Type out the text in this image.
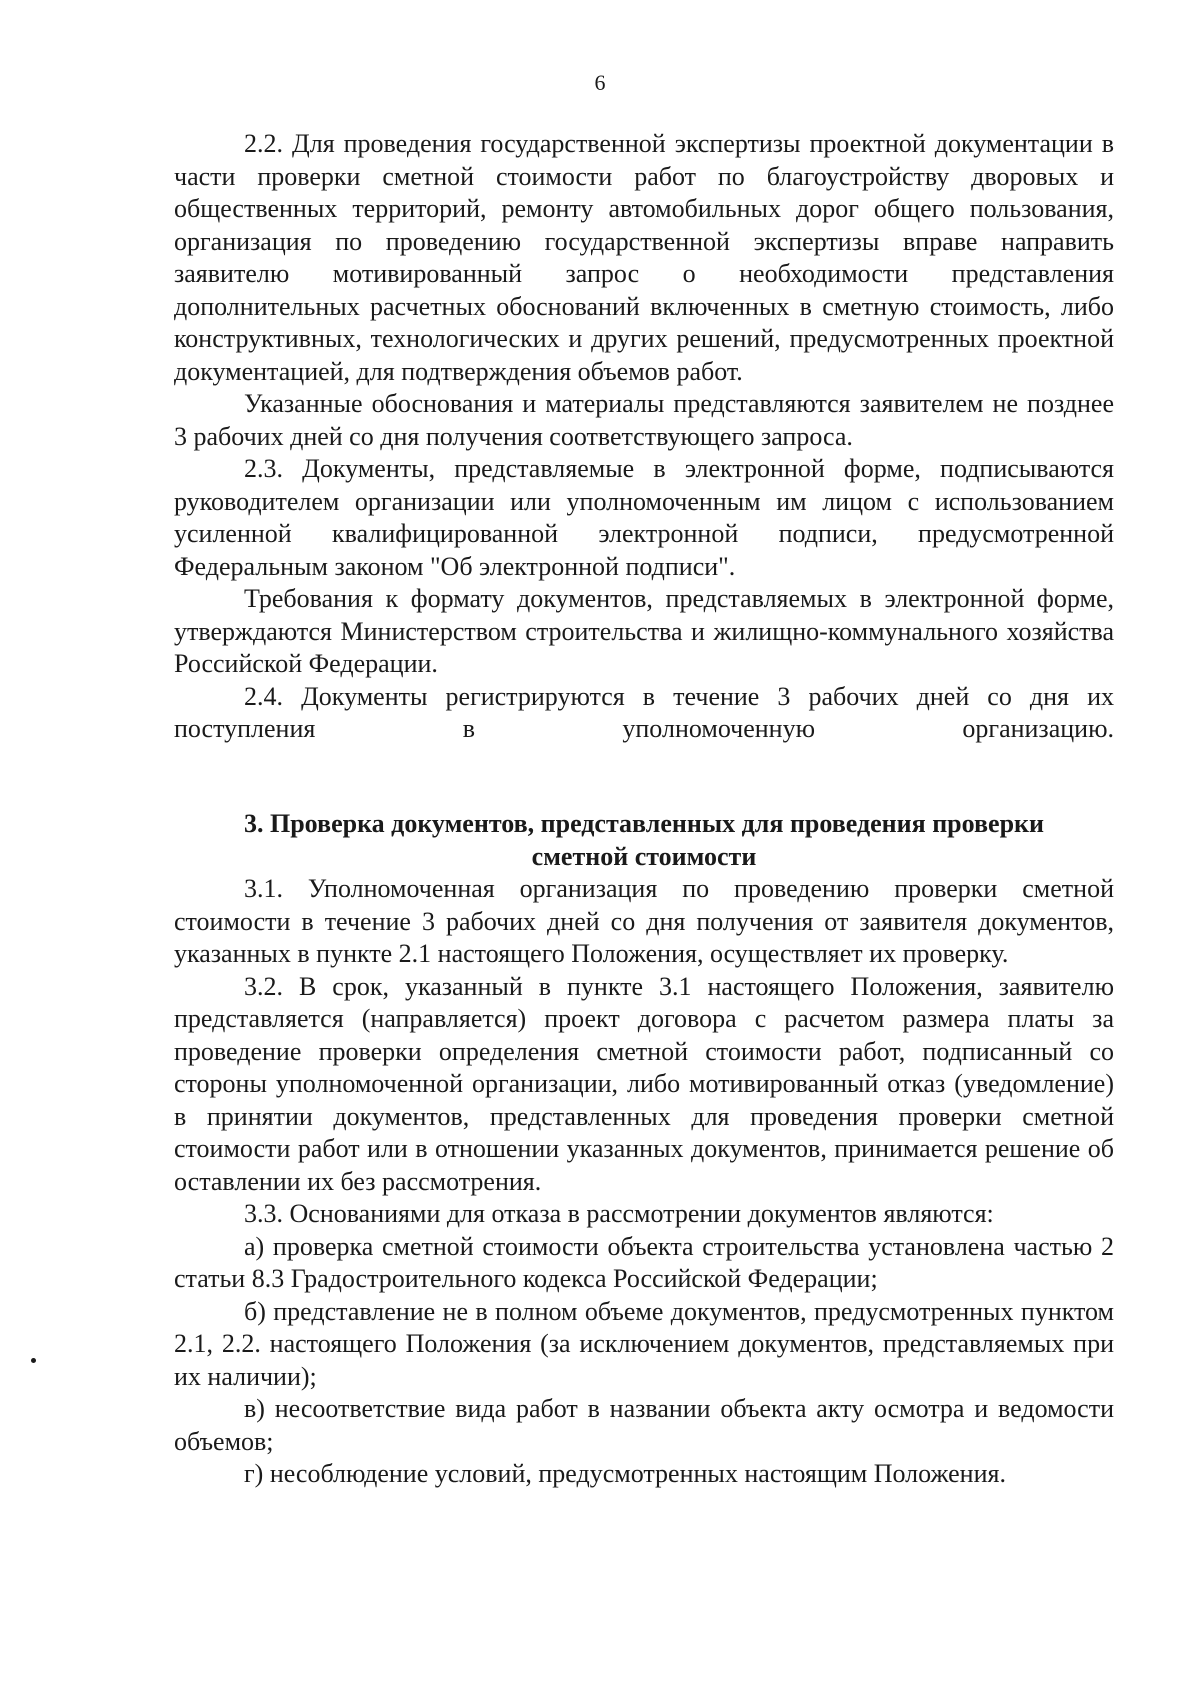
6

2.2. Для проведения государственной экспертизы проектной документации в части проверки сметной стоимости работ по благоустройству дворовых и общественных территорий, ремонту автомобильных дорог общего пользования, организация по проведению государственной экспертизы вправе направить заявителю мотивированный запрос о необходимости представления дополнительных расчетных обоснований включенных в сметную стоимость, либо конструктивных, технологических и других решений, предусмотренных проектной документацией, для подтверждения объемов работ.

Указанные обоснования и материалы представляются заявителем не позднее 3 рабочих дней со дня получения соответствующего запроса.

2.3. Документы, представляемые в электронной форме, подписываются руководителем организации или уполномоченным им лицом с использованием усиленной квалифицированной электронной подписи, предусмотренной Федеральным законом "Об электронной подписи".

Требования к формату документов, представляемых в электронной форме, утверждаются Министерством строительства и жилищно-коммунального хозяйства Российской Федерации.

2.4. Документы регистрируются в течение 3 рабочих дней со дня их поступления в уполномоченную организацию.

3. Проверка документов, представленных для проведения проверки

сметной стоимости

3.1. Уполномоченная организация по проведению проверки сметной стоимости в течение 3 рабочих дней со дня получения от заявителя документов, указанных в пункте 2.1 настоящего Положения, осуществляет их проверку.

3.2. В срок, указанный в пункте 3.1 настоящего Положения, заявителю представляется (направляется) проект договора с расчетом размера платы за проведение проверки определения сметной стоимости работ, подписанный со стороны уполномоченной организации, либо мотивированный отказ (уведомление) в принятии документов, представленных для проведения проверки сметной стоимости работ или в отношении указанных документов, принимается решение об оставлении их без рассмотрения.

3.3. Основаниями для отказа в рассмотрении документов являются:

а) проверка сметной стоимости объекта строительства установлена частью 2 статьи 8.3 Градостроительного кодекса Российской Федерации;

б) представление не в полном объеме документов, предусмотренных пунктом 2.1, 2.2. настоящего Положения (за исключением документов, представляемых при их наличии);

в) несоответствие вида работ в названии объекта акту осмотра и ведомости объемов;

г) несоблюдение условий, предусмотренных настоящим Положения.
